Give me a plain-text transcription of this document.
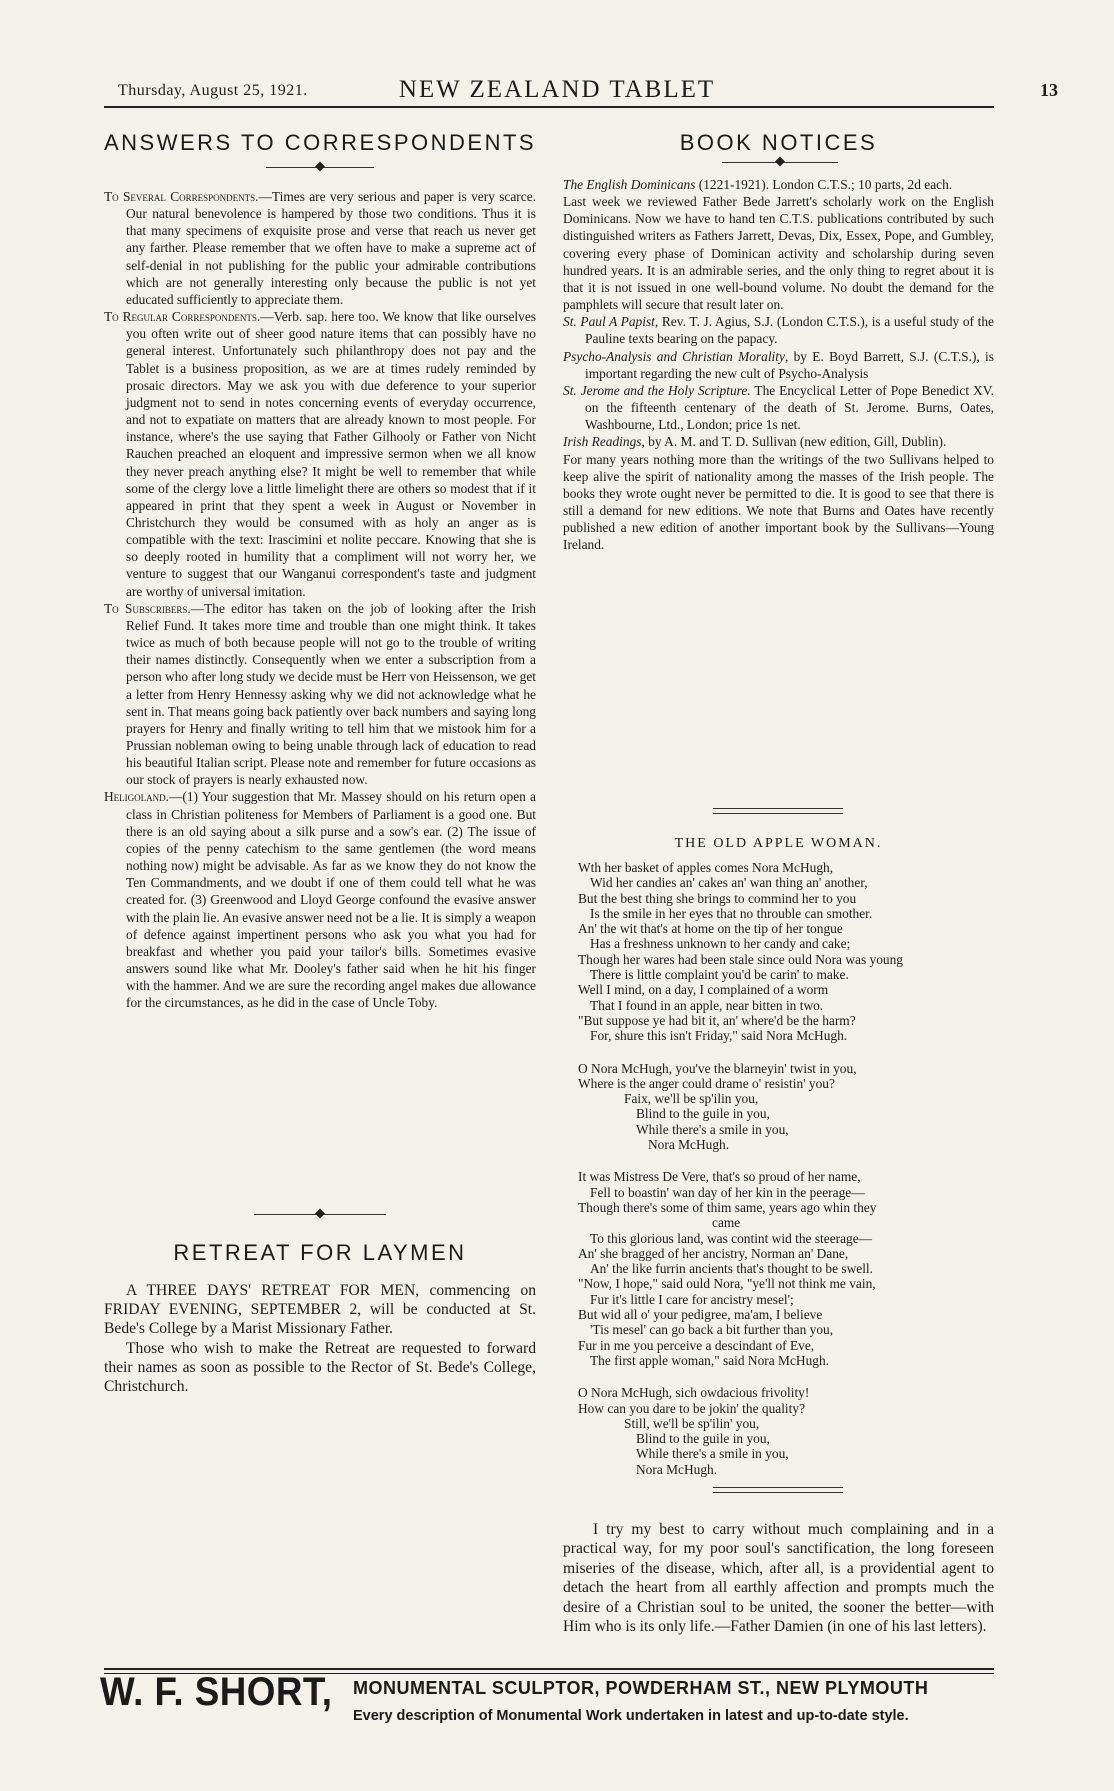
Thursday, August 25, 1921.	NEW ZEALAND TABLET	13
ANSWERS TO CORRESPONDENTS

To Several Correspondents.—Times are very serious and paper is very scarce. Our natural benevolence is hampered by those two conditions. Thus it is that many specimens of exquisite prose and verse that reach us never get any farther. Please remember that we often have to make a supreme act of self-denial in not publishing for the public your admirable contributions which are not generally interesting only because the public is not yet educated sufficiently to appreciate them.

To Regular Correspondents.—Verb. sap. here too. We know that like ourselves you often write out of sheer good nature items that can possibly have no general interest. Unfortunately such philanthropy does not pay and the Tablet is a business proposition, as we are at times rudely reminded by prosaic directors. May we ask you with due deference to your superior judgment not to send in notes concerning events of everyday occurrence, and not to expatiate on matters that are already known to most people. For instance, where's the use saying that Father Gilhooly or Father von Nicht Rauchen preached an eloquent and impressive sermon when we all know they never preach anything else? It might be well to remember that while some of the clergy love a little limelight there are others so modest that if it appeared in print that they spent a week in August or November in Christchurch they would be consumed with as holy an anger as is compatible with the text: Irascimini et nolite peccare. Knowing that she is so deeply rooted in humility that a compliment will not worry her, we venture to suggest that our Wanganui correspondent's taste and judgment are worthy of universal imitation.

To Subscribers.—The editor has taken on the job of looking after the Irish Relief Fund. It takes more time and trouble than one might think. It takes twice as much of both because people will not go to the trouble of writing their names distinctly. Consequently when we enter a subscription from a person who after long study we decide must be Herr von Heissenson, we get a letter from Henry Hennessy asking why we did not acknowledge what he sent in. That means going back patiently over back numbers and saying long prayers for Henry and finally writing to tell him that we mistook him for a Prussian nobleman owing to being unable through lack of education to read his beautiful Italian script. Please note and remember for future occasions as our stock of prayers is nearly exhausted now.

Heligoland.—(1) Your suggestion that Mr. Massey should on his return open a class in Christian politeness for Members of Parliament is a good one. But there is an old saying about a silk purse and a sow's ear. (2) The issue of copies of the penny catechism to the same gentlemen (the word means nothing now) might be advisable. As far as we know they do not know the Ten Commandments, and we doubt if one of them could tell what he was created for. (3) Greenwood and Lloyd George confound the evasive answer with the plain lie. An evasive answer need not be a lie. It is simply a weapon of defence against impertinent persons who ask you what you had for breakfast and whether you paid your tailor's bills. Sometimes evasive answers sound like what Mr. Dooley's father said when he hit his finger with the hammer. And we are sure the recording angel makes due allowance for the circumstances, as he did in the case of Uncle Toby.

RETREAT FOR LAYMEN

A THREE DAYS' RETREAT FOR MEN, commencing on FRIDAY EVENING, SEPTEMBER 2, will be conducted at St. Bede's College by a Marist Missionary Father.

Those who wish to make the Retreat are requested to forward their names as soon as possible to the Rector of St. Bede's College, Christchurch.

BOOK NOTICES

The English Dominicans (1221-1921). London C.T.S.; 10 parts, 2d each.

Last week we reviewed Father Bede Jarrett's scholarly work on the English Dominicans. Now we have to hand ten C.T.S. publications contributed by such distinguished writers as Fathers Jarrett, Devas, Dix, Essex, Pope, and Gumbley, covering every phase of Dominican activity and scholarship during seven hundred years. It is an admirable series, and the only thing to regret about it is that it is not issued in one well-bound volume. No doubt the demand for the pamphlets will secure that result later on.

St. Paul A Papist, Rev. T. J. Agius, S.J. (London C.T.S.), is a useful study of the Pauline texts bearing on the papacy.

Psycho-Analysis and Christian Morality, by E. Boyd Barrett, S.J. (C.T.S.), is important regarding the new cult of Psycho-Analysis

St. Jerome and the Holy Scripture. The Encyclical Letter of Pope Benedict XV. on the fifteenth centenary of the death of St. Jerome. Burns, Oates, Washbourne, Ltd., London; price 1s net.

Irish Readings, by A. M. and T. D. Sullivan (new edition, Gill, Dublin).

For many years nothing more than the writings of the two Sullivans helped to keep alive the spirit of nationality among the masses of the Irish people. The books they wrote ought never be permitted to die. It is good to see that there is still a demand for new editions. We note that Burns and Oates have recently published a new edition of another important book by the Sullivans—Young Ireland.

THE OLD APPLE WOMAN.
Wth her basket of apples comes Nora McHugh,
Wid her candies an' cakes an' wan thing an' another,
But the best thing she brings to commind her to you
Is the smile in her eyes that no throuble can smother.
An' the wit that's at home on the tip of her tongue
Has a freshness unknown to her candy and cake;
Though her wares had been stale since ould Nora was young
There is little complaint you'd be carin' to make.
Well I mind, on a day, I complained of a worm
That I found in an apple, near bitten in two.
"But suppose ye had bit it, an' where'd be the harm?
For, shure this isn't Friday," said Nora McHugh.
O Nora McHugh, you've the blarneyin' twist in you,
Where is the anger could drame o' resistin' you?
Faix, we'll be sp'ilin you,
Blind to the guile in you,
While there's a smile in you,
Nora McHugh.
It was Mistress De Vere, that's so proud of her name,
Fell to boastin' wan day of her kin in the peerage—
Though there's some of thim same, years ago whin they
came
To this glorious land, was contint wid the steerage—
An' she bragged of her ancistry, Norman an' Dane,
An' the like furrin ancients that's thought to be swell.
"Now, I hope," said ould Nora, "ye'll not think me vain,
Fur it's little I care for ancistry mesel';
But wid all o' your pedigree, ma'am, I believe
'Tis mesel' can go back a bit further than you,
Fur in me you perceive a descindant of Eve,
The first apple woman," said Nora McHugh.
O Nora McHugh, sich owdacious frivolity!
How can you dare to be jokin' the quality?
Still, we'll be sp'ilin' you,
Blind to the guile in you,
While there's a smile in you,
Nora McHugh.

I try my best to carry without much complaining and in a practical way, for my poor soul's sanctification, the long foreseen miseries of the disease, which, after all, is a providential agent to detach the heart from all earthly affection and prompts much the desire of a Christian soul to be united, the sooner the better—with Him who is its only life.—Father Damien (in one of his last letters).

W. F. SHORT, MONUMENTAL SCULPTOR, POWDERHAM ST., NEW PLYMOUTH
Every description of Monumental Work undertaken in latest and up-to-date style.
